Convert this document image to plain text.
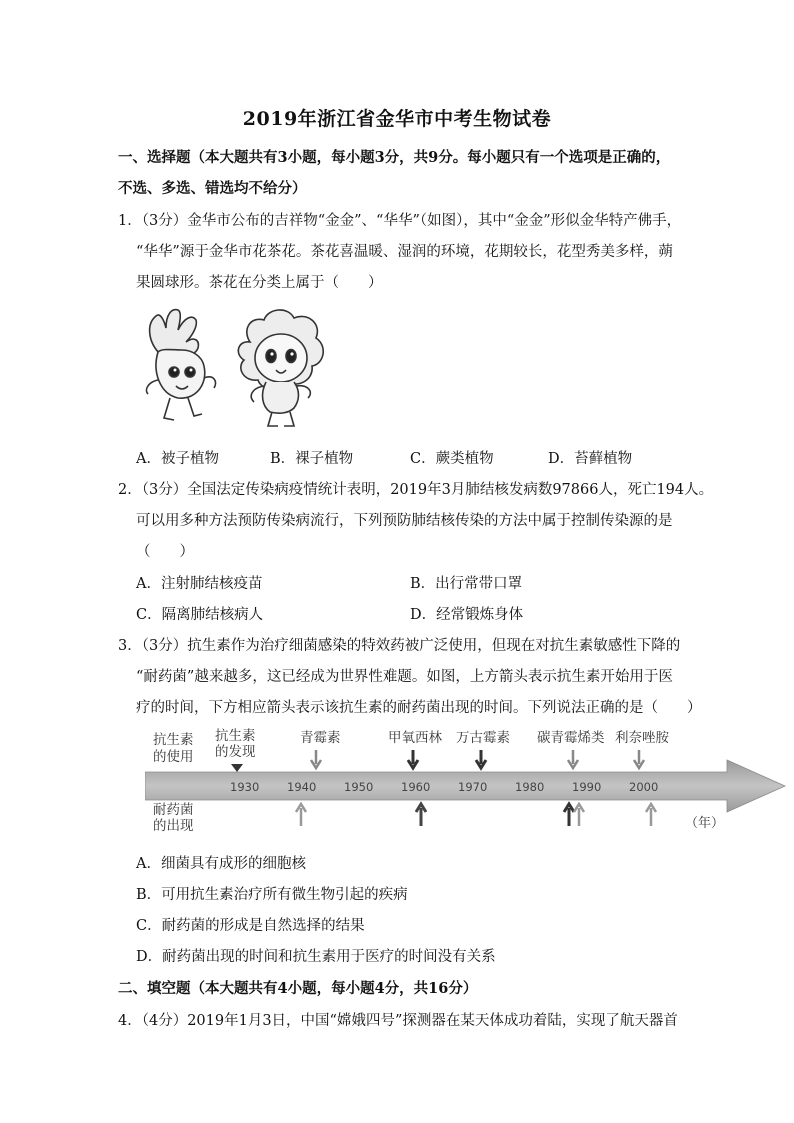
2019年浙江省金华市中考生物试卷
一、选择题（本大题共有3小题，每小题3分，共9分。每小题只有一个选项是正确的，
不选、多选、错选均不给分）
1．（3分）金华市公布的吉祥物“金金”、“华华”（如图），其中“金金”形似金华特产佛手，
“华华”源于金华市花茶花。茶花喜温暖、湿润的环境，花期较长，花型秀美多样，蒴
果圆球形。茶花在分类上属于（　　）
A．被子植物	B．裸子植物	C．蕨类植物	D．苔藓植物
2．（3分）全国法定传染病疫情统计表明，2019年3月肺结核发病数97866人，死亡194人。
可以用多种方法预防传染病流行，下列预防肺结核传染的方法中属于控制传染源的是
（　　）
A．注射肺结核疫苗	B．出行常带口罩
C．隔离肺结核病人	D．经常锻炼身体
3．（3分）抗生素作为治疗细菌感染的特效药被广泛使用，但现在对抗生素敏感性下降的
“耐药菌”越来越多，这已经成为世界性难题。如图，上方箭头表示抗生素开始用于医
疗的时间，下方相应箭头表示该抗生素的耐药菌出现的时间。下列说法正确的是（　　）
抗生素
的使用
耐药菌
的出现
抗生素
的发现
1930 1940 1950 1960 1970 1980 1990 2000
青霉素	甲氧西林 万古霉素 碳青霉烯类 利奈唑胺
（年）
A．细菌具有成形的细胞核
B．可用抗生素治疗所有微生物引起的疾病
C．耐药菌的形成是自然选择的结果
D．耐药菌出现的时间和抗生素用于医疗的时间没有关系
二、填空题（本大题共有4小题，每小题4分，共16分）
4．（4分）2019年1月3日，中国“嫦娥四号”探测器在某天体成功着陆，实现了航天器首
